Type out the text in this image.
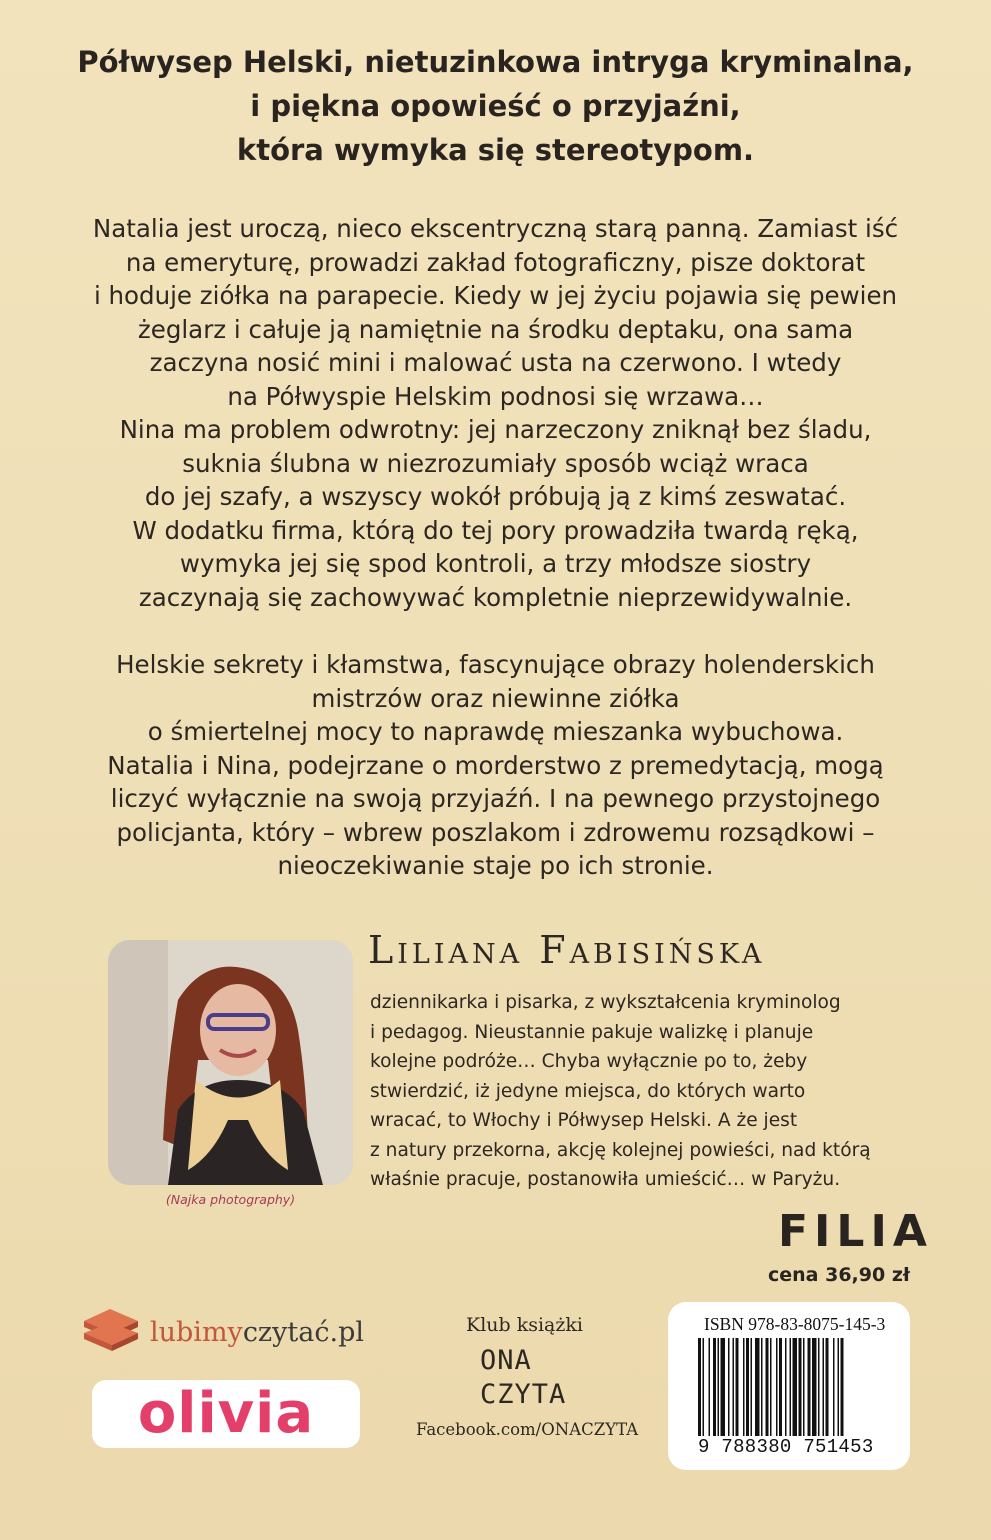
Półwysep Helski, nietuzinkowa intryga kryminalna,
i piękna opowieść o przyjaźni,
która wymyka się stereotypom.
Natalia jest uroczą, nieco ekscentryczną starą panną. Zamiast iść
na emeryturę, prowadzi zakład fotograficzny, pisze doktorat
i hoduje ziółka na parapecie. Kiedy w jej życiu pojawia się pewien
żeglarz i całuje ją namiętnie na środku deptaku, ona sama
zaczyna nosić mini i malować usta na czerwono. I wtedy
na Półwyspie Helskim podnosi się wrzawa…
Nina ma problem odwrotny: jej narzeczony zniknął bez śladu,
suknia ślubna w niezrozumiały sposób wciąż wraca
do jej szafy, a wszyscy wokół próbują ją z kimś zeswatać.
W dodatku firma, którą do tej pory prowadziła twardą ręką,
wymyka jej się spod kontroli, a trzy młodsze siostry
zaczynają się zachowywać kompletnie nieprzewidywalnie.
Helskie sekrety i kłamstwa, fascynujące obrazy holenderskich
mistrzów oraz niewinne ziółka
o śmiertelnej mocy to naprawdę mieszanka wybuchowa.
Natalia i Nina, podejrzane o morderstwo z premedytacją, mogą
liczyć wyłącznie na swoją przyjaźń. I na pewnego przystojnego
policjanta, który – wbrew poszlakom i zdrowemu rozsądkowi –
nieoczekiwanie staje po ich stronie.
(Najka photography)
Liliana Fabisińska
dziennikarka i pisarka, z wykształcenia kryminolog
i pedagog. Nieustannie pakuje walizkę i planuje
kolejne podróże… Chyba wyłącznie po to, żeby
stwierdzić, iż jedyne miejsca, do których warto
wracać, to Włochy i Półwysep Helski. A że jest
z natury przekorna, akcję kolejnej powieści, nad którą
właśnie pracuje, postanowiła umieścić… w Paryżu.
FILIA
cena 36,90 zł
lubimyczytać.pl
olivia
Klub książki
ONA
CZYTA
Facebook.com/ONACZYTA
ISBN 978-83-8075-145-3
9 788380 751453
